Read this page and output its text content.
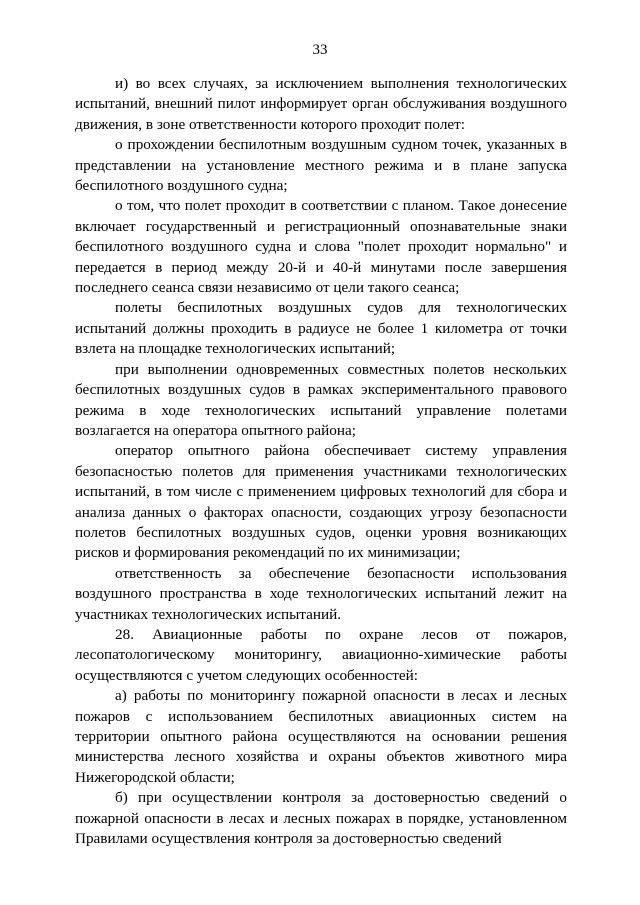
33

и) во всех случаях, за исключением выполнения технологических испытаний, внешний пилот информирует орган обслуживания воздушного движения, в зоне ответственности которого проходит полет:

о прохождении беспилотным воздушным судном точек, указанных в представлении на установление местного режима и в плане запуска беспилотного воздушного судна;

о том, что полет проходит в соответствии с планом. Такое донесение включает государственный и регистрационный опознавательные знаки беспилотного воздушного судна и слова "полет проходит нормально" и передается в период между 20-й и 40-й минутами после завершения последнего сеанса связи независимо от цели такого сеанса;

полеты беспилотных воздушных судов для технологических испытаний должны проходить в радиусе не более 1 километра от точки взлета на площадке технологических испытаний;

при выполнении одновременных совместных полетов нескольких беспилотных воздушных судов в рамках экспериментального правового режима в ходе технологических испытаний управление полетами возлагается на оператора опытного района;

оператор опытного района обеспечивает систему управления безопасностью полетов для применения участниками технологических испытаний, в том числе с применением цифровых технологий для сбора и анализа данных о факторах опасности, создающих угрозу безопасности полетов беспилотных воздушных судов, оценки уровня возникающих рисков и формирования рекомендаций по их минимизации;

ответственность за обеспечение безопасности использования воздушного пространства в ходе технологических испытаний лежит на участниках технологических испытаний.

28. Авиационные работы по охране лесов от пожаров, лесопатологическому мониторингу, авиационно-химические работы осуществляются с учетом следующих особенностей:

а) работы по мониторингу пожарной опасности в лесах и лесных пожаров с использованием беспилотных авиационных систем на территории опытного района осуществляются на основании решения министерства лесного хозяйства и охраны объектов животного мира Нижегородской области;

б) при осуществлении контроля за достоверностью сведений о пожарной опасности в лесах и лесных пожарах в порядке, установленном Правилами осуществления контроля за достоверностью сведений
